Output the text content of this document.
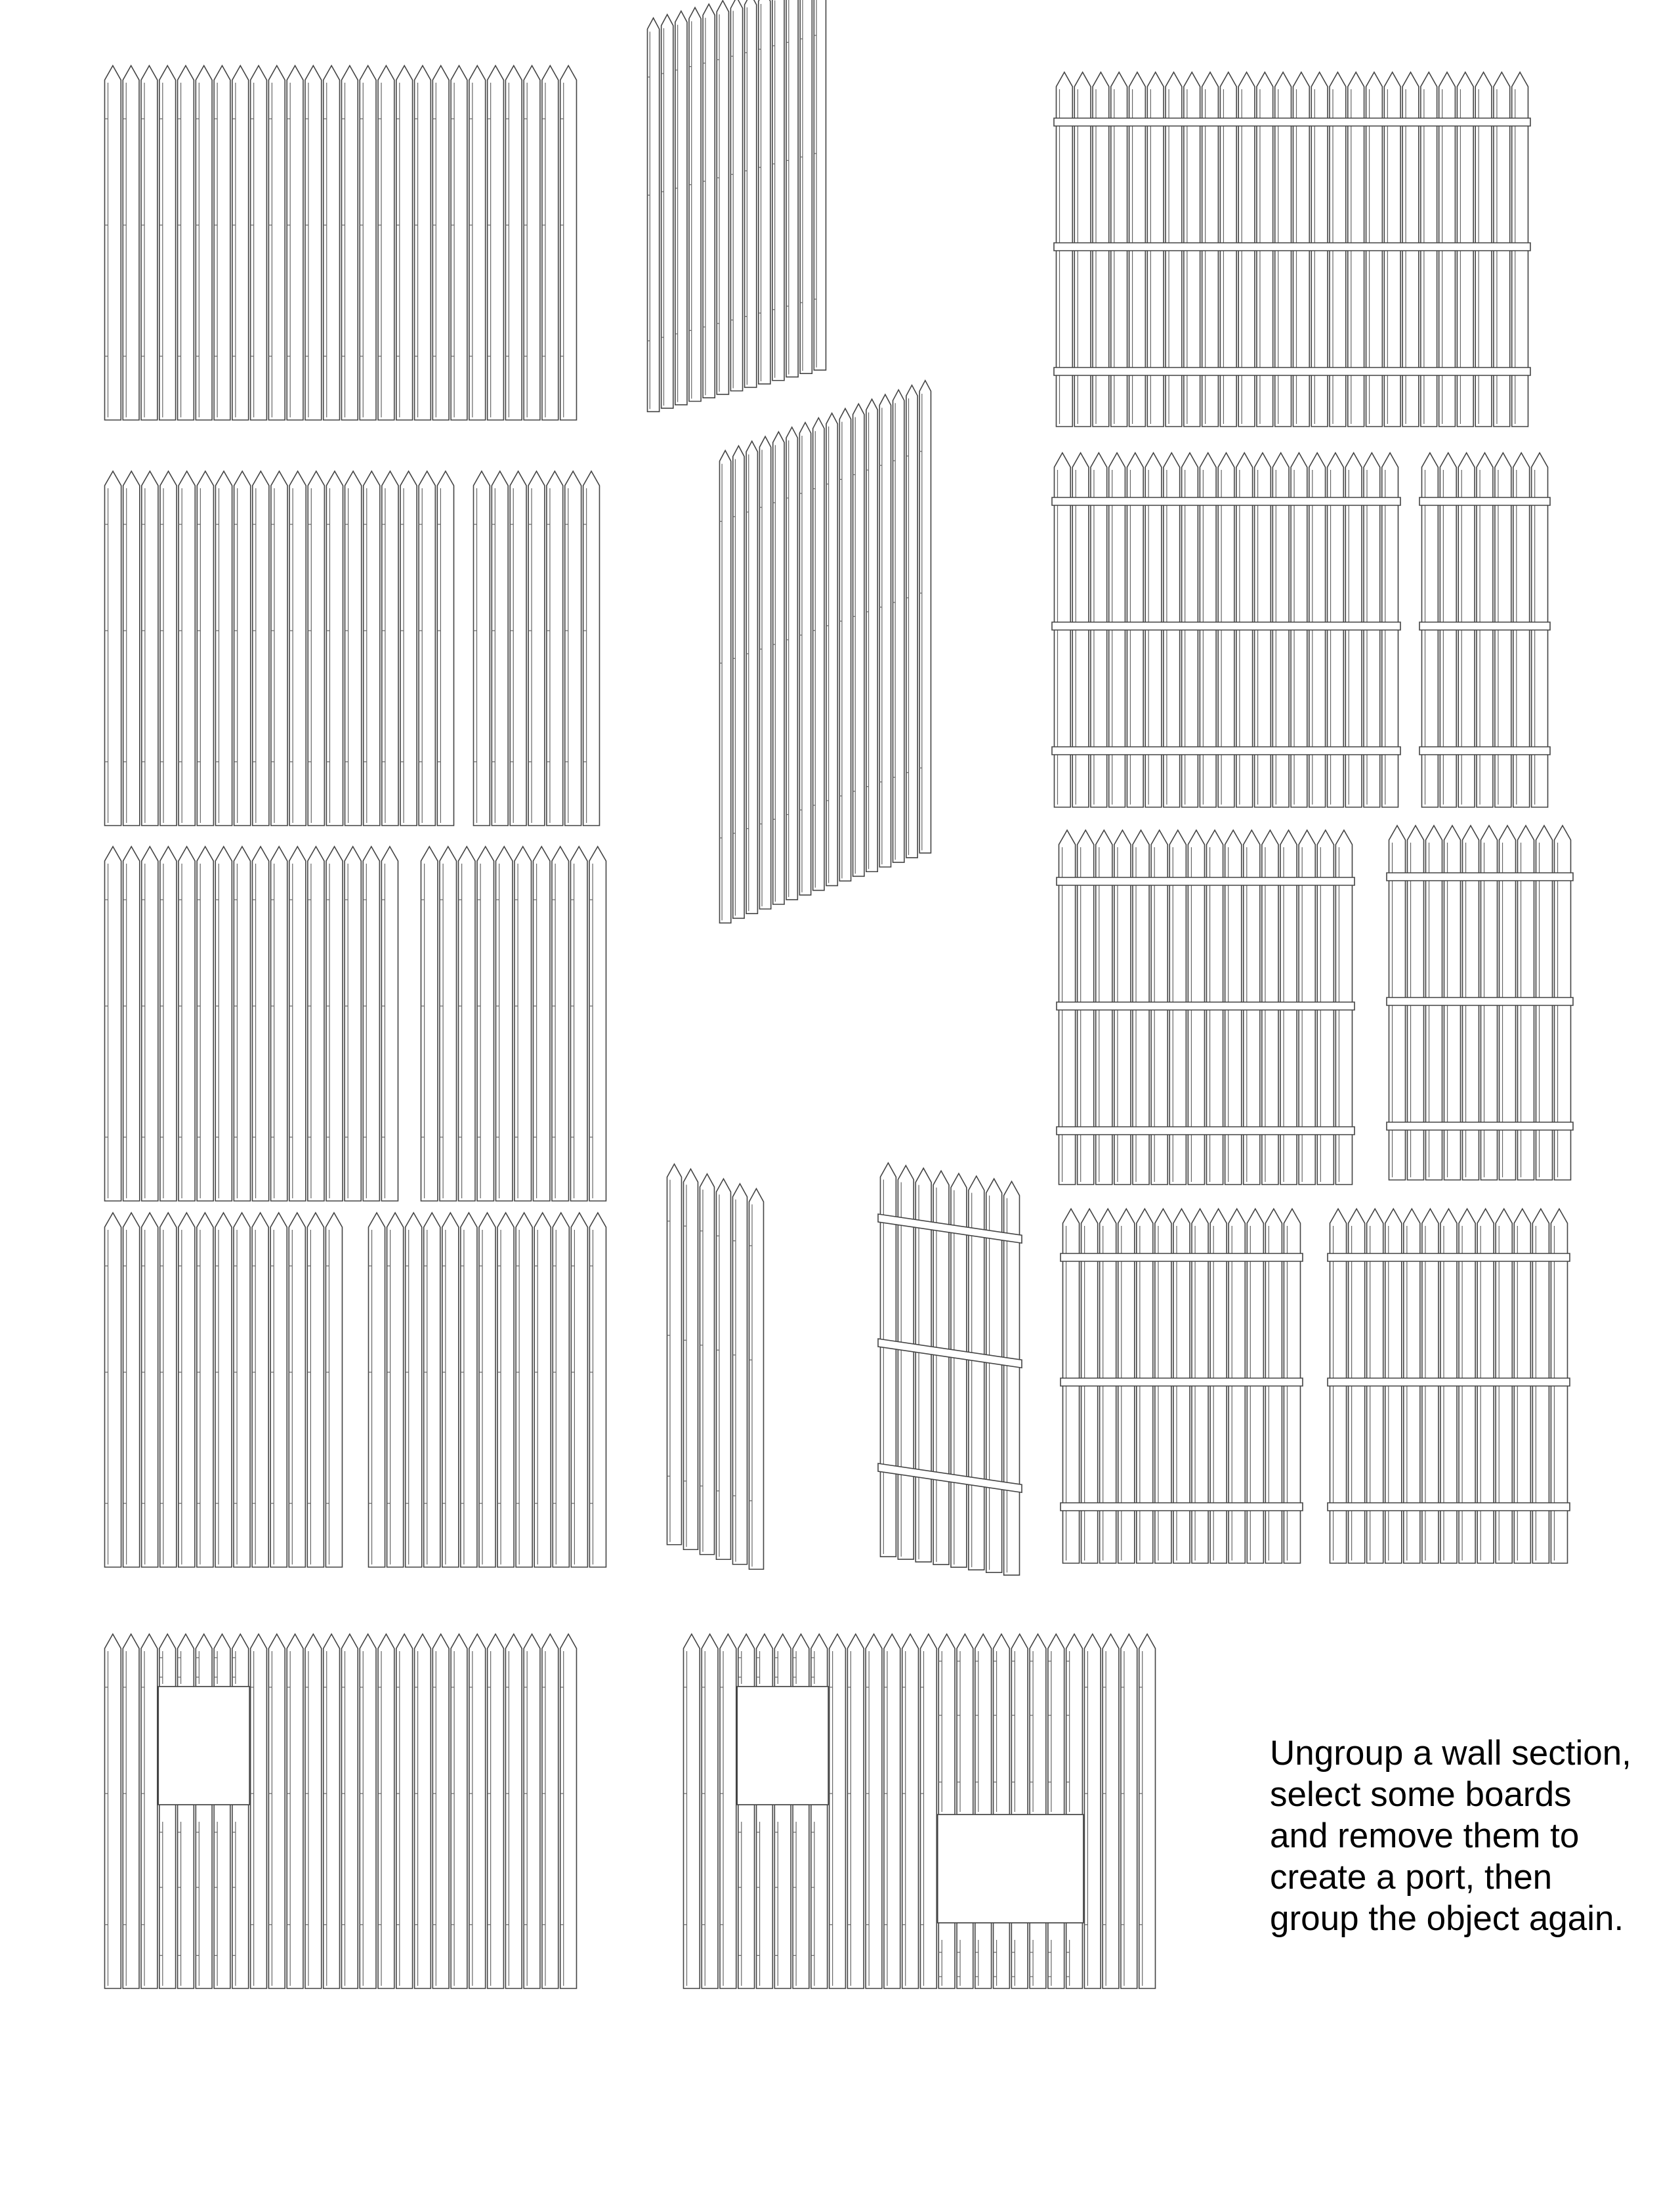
Ungroup a wall section, select some boards and remove them to create a port, then group the object again.
